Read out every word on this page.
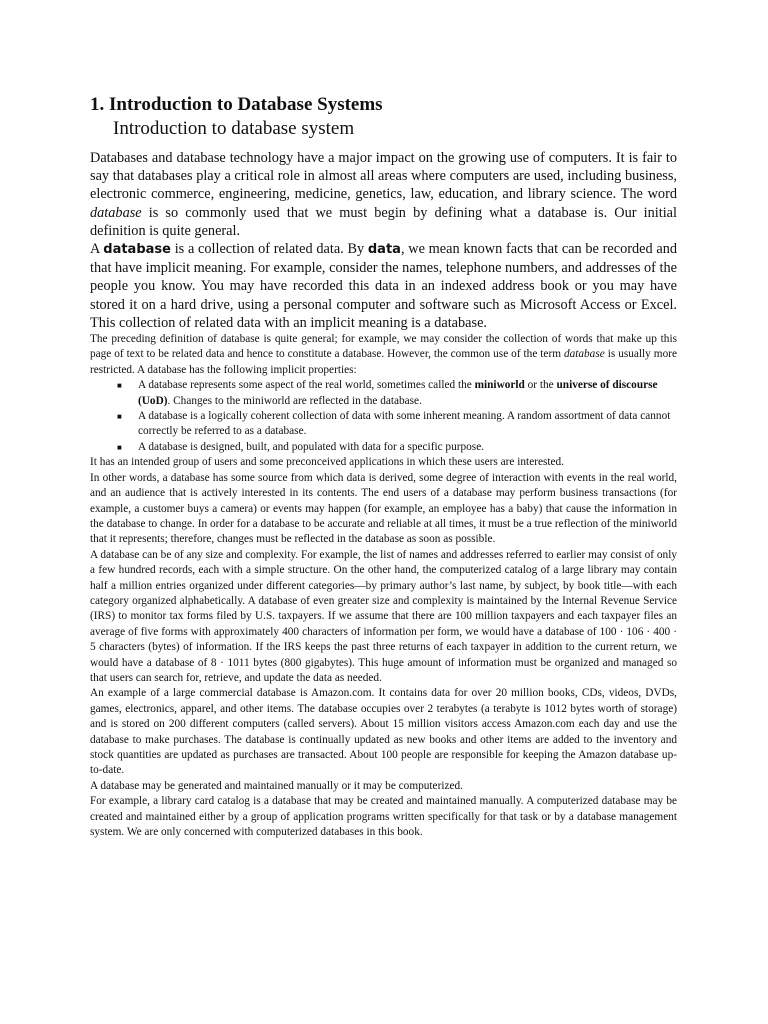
1. Introduction to Database Systems
Introduction to database system

Databases and database technology have a major impact on the growing use of computers. It is fair to say that databases play a critical role in almost all areas where computers are used, including business, electronic commerce, engineering, medicine, genetics, law, education, and library science. The word database is so commonly used that we must begin by defining what a database is. Our initial definition is quite general.

A database is a collection of related data. By data, we mean known facts that can be recorded and that have implicit meaning. For example, consider the names, telephone numbers, and addresses of the people you know. You may have recorded this data in an indexed address book or you may have stored it on a hard drive, using a personal computer and software such as Microsoft Access or Excel. This collection of related data with an implicit meaning is a database.

The preceding definition of database is quite general; for example, we may consider the collection of words that make up this page of text to be related data and hence to constitute a database. However, the common use of the term database is usually more restricted. A database has the following implicit properties:

■ A database represents some aspect of the real world, sometimes called the miniworld or the universe of discourse (UoD). Changes to the miniworld are reflected in the database.
■ A database is a logically coherent collection of data with some inherent meaning. A random assortment of data cannot correctly be referred to as a database.
■ A database is designed, built, and populated with data for a specific purpose.

It has an intended group of users and some preconceived applications in which these users are interested.

In other words, a database has some source from which data is derived, some degree of interaction with events in the real world, and an audience that is actively interested in its contents. The end users of a database may perform business transactions (for example, a customer buys a camera) or events may happen (for example, an employee has a baby) that cause the information in the database to change. In order for a database to be accurate and reliable at all times, it must be a true reflection of the miniworld that it represents; therefore, changes must be reflected in the database as soon as possible.

A database can be of any size and complexity. For example, the list of names and addresses referred to earlier may consist of only a few hundred records, each with a simple structure. On the other hand, the computerized catalog of a large library may contain half a million entries organized under different categories—by primary author’s last name, by subject, by book title—with each category organized alphabetically. A database of even greater size and complexity is maintained by the Internal Revenue Service (IRS) to monitor tax forms filed by U.S. taxpayers. If we assume that there are 100 million taxpayers and each taxpayer files an average of five forms with approximately 400 characters of information per form, we would have a database of 100 · 106 · 400 · 5 characters (bytes) of information. If the IRS keeps the past three returns of each taxpayer in addition to the current return, we would have a database of 8 · 1011 bytes (800 gigabytes). This huge amount of information must be organized and managed so that users can search for, retrieve, and update the data as needed.

An example of a large commercial database is Amazon.com. It contains data for over 20 million books, CDs, videos, DVDs, games, electronics, apparel, and other items. The database occupies over 2 terabytes (a terabyte is 1012 bytes worth of storage) and is stored on 200 different computers (called servers). About 15 million visitors access Amazon.com each day and use the database to make purchases. The database is continually updated as new books and other items are added to the inventory and stock quantities are updated as purchases are transacted. About 100 people are responsible for keeping the Amazon database up-to-date.

A database may be generated and maintained manually or it may be computerized.

For example, a library card catalog is a database that may be created and maintained manually. A computerized database may be created and maintained either by a group of application programs written specifically for that task or by a database management system. We are only concerned with computerized databases in this book.
